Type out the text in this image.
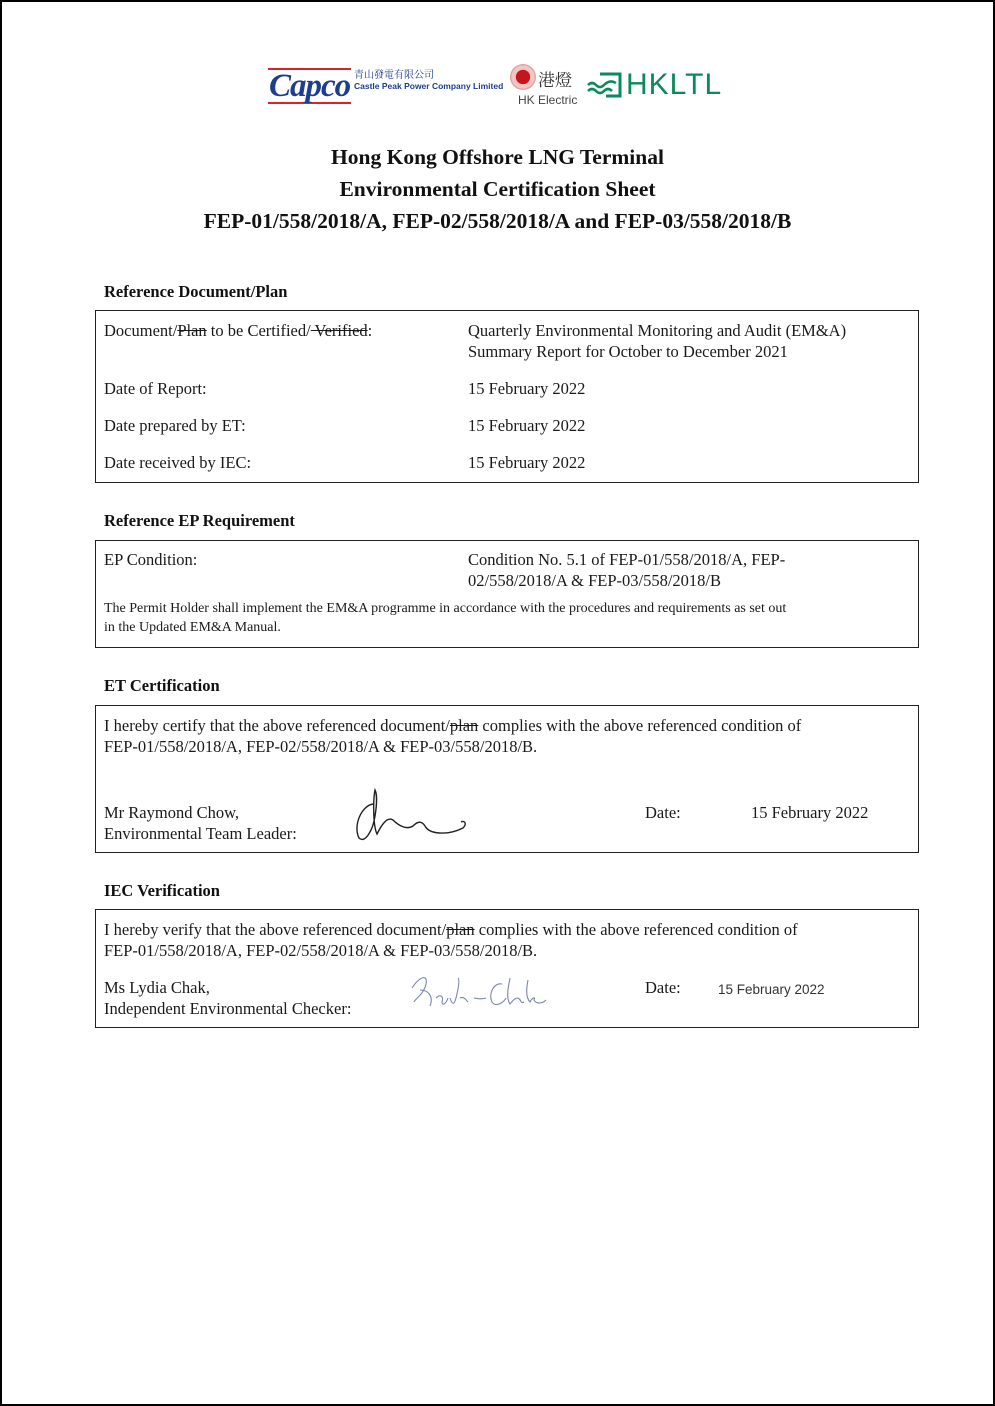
Capco 青山發電有限公司
Castle Peak Power Company Limited 港燈
HK Electric HKLTL
Hong Kong Offshore LNG Terminal
Environmental Certification Sheet
FEP-01/558/2018/A, FEP-02/558/2018/A and FEP-03/558/2018/B
Reference Document/Plan
Document/Plan to be Certified/ Verified:	Quarterly Environmental Monitoring and Audit (EM&A)
Summary Report for October to December 2021
Date of Report:	15 February 2022
Date prepared by ET:	15 February 2022
Date received by IEC:	15 February 2022
Reference EP Requirement
EP Condition:	Condition No. 5.1 of FEP-01/558/2018/A, FEP-
02/558/2018/A & FEP-03/558/2018/B
The Permit Holder shall implement the EM&A programme in accordance with the procedures and requirements as set out
in the Updated EM&A Manual.
ET Certification
I hereby certify that the above referenced document/plan complies with the above referenced condition of
FEP-01/558/2018/A, FEP-02/558/2018/A & FEP-03/558/2018/B.
Mr Raymond Chow,
Environmental Team Leader:
Date:	15 February 2022
IEC Verification
I hereby verify that the above referenced document/plan complies with the above referenced condition of
FEP-01/558/2018/A, FEP-02/558/2018/A & FEP-03/558/2018/B.
Ms Lydia Chak,
Independent Environmental Checker:
Date:	15 February 2022
